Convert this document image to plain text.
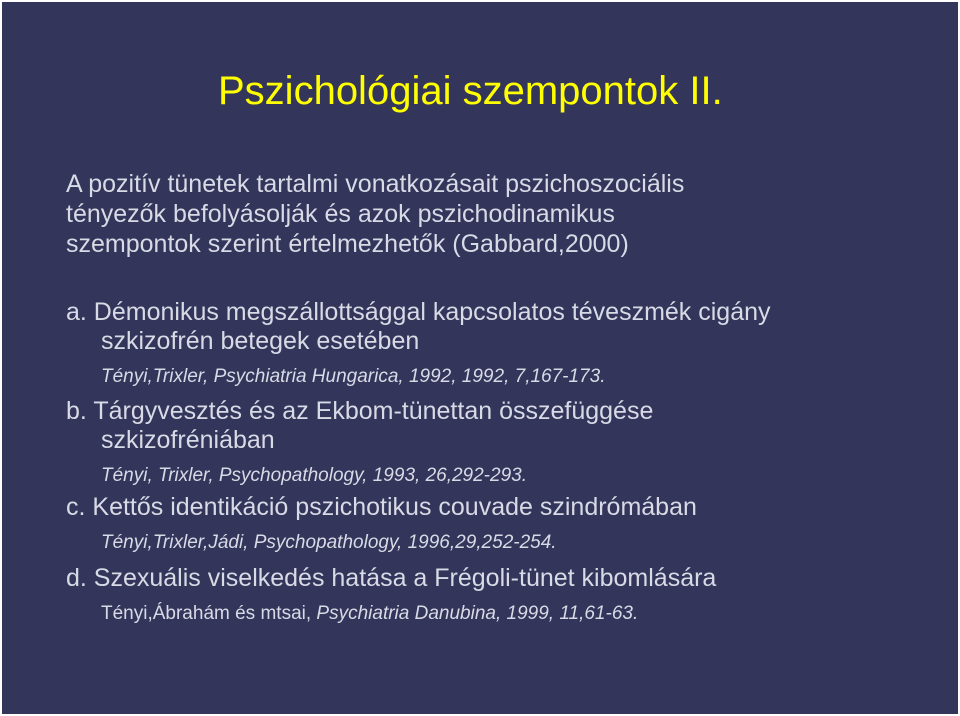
Pszichológiai szempontok II.
A pozitív tünetek tartalmi vonatkozásait pszichoszociális
tényezők befolyásolják és azok pszichodinamikus
szempontok szerint értelmezhetők (Gabbard,2000)
a. Démonikus megszállottsággal kapcsolatos téveszmék cigány
szkizofrén betegek esetében
Tényi,Trixler, Psychiatria Hungarica, 1992, 1992, 7,167-173.
b. Tárgyvesztés és az Ekbom-tünettan összefüggése
szkizofréniában
Tényi, Trixler, Psychopathology, 1993, 26,292-293.
c. Kettős identikáció pszichotikus couvade szindrómában
Tényi,Trixler,Jádi, Psychopathology, 1996,29,252-254.
d. Szexuális viselkedés hatása a Frégoli-tünet kibomlására
Tényi,Ábrahám és mtsai, Psychiatria Danubina, 1999, 11,61-63.
